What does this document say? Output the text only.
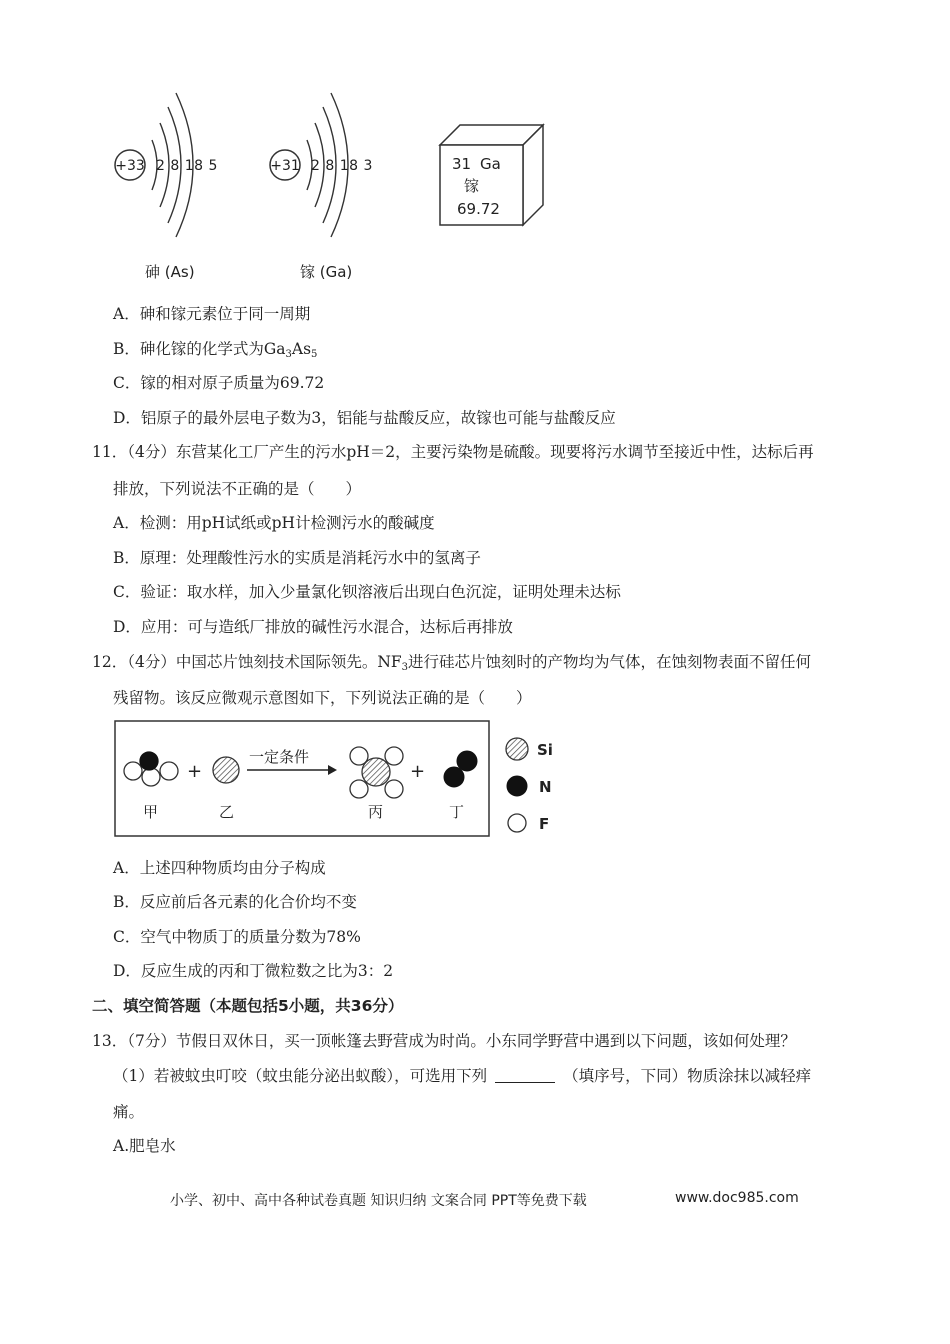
+33 2 8 18 5
砷 (As)
+31 2 8 18 3
镓 (Ga)
31 Ga
镓
69.72
A．砷和镓元素位于同一周期
B．砷化镓的化学式为$Ga_3As_5$
C．镓的相对原子质量为69.72
D．铝原子的最外层电子数为3，铝能与盐酸反应，故镓也可能与盐酸反应
11．（4分）东营某化工厂产生的污水pH＝2，主要污染物是硫酸。现要将污水调节至接近中性，达标后再
排放，下列说法不正确的是（　　）
A．检测：用pH试纸或pH计检测污水的酸碱度
B．原理：处理酸性污水的实质是消耗污水中的氢离子
C．验证：取水样，加入少量氯化钡溶液后出现白色沉淀，证明处理未达标
D．应用：可与造纸厂排放的碱性污水混合，达标后再排放
12．（4分）中国芯片蚀刻技术国际领先。$NF_3$进行硅芯片蚀刻时的产物均为气体，在蚀刻物表面不留任何
残留物。该反应微观示意图如下，下列说法正确的是（　　）
甲
+
乙
一定条件
丙
+
丁
Si
N
F
A．上述四种物质均由分子构成
B．反应前后各元素的化合价均不变
C．空气中物质丁的质量分数为78%
D．反应生成的丙和丁微粒数之比为3：2
二、填空简答题（本题包括5小题，共36分）
13．（7分）节假日双休日，买一顶帐篷去野营成为时尚。小东同学野营中遇到以下问题，该如何处理？
（1）若被蚊虫叮咬（蚊虫能分泌出蚁酸），可选用下列	（填序号，下同）物质涂抹以减轻痒
痛。
A.肥皂水
小学、初中、高中各种试卷真题 知识归纳 文案合同 PPT等免费下载	www.doc985.com
